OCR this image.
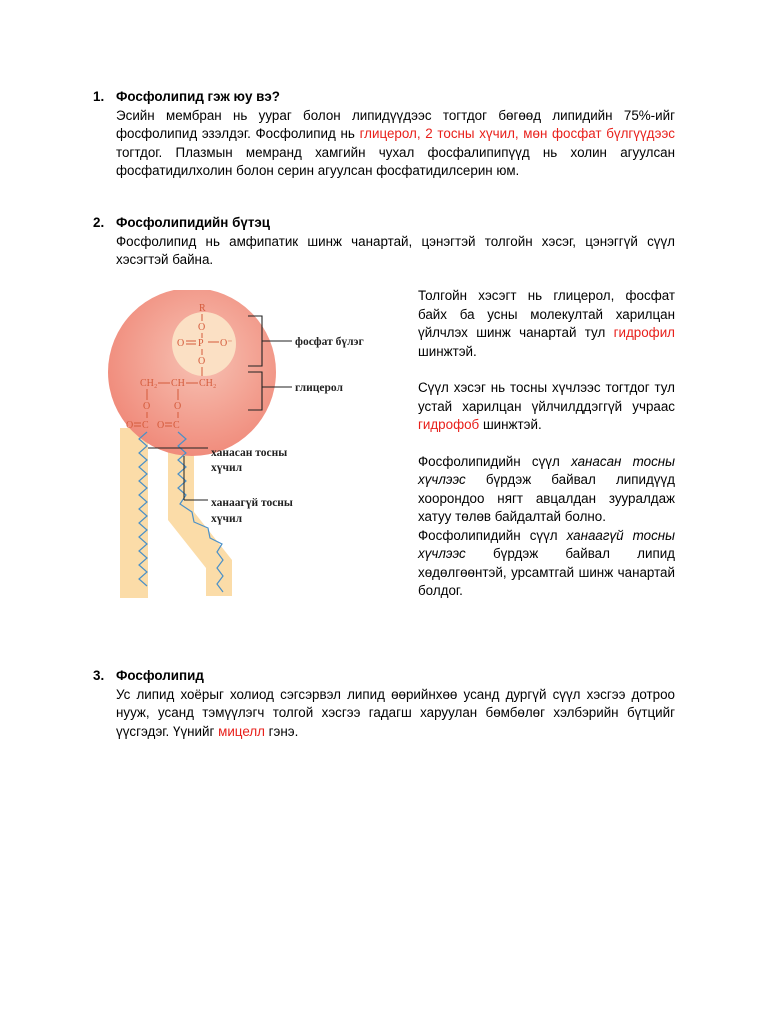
1. Фосфолипид гэж юу вэ?
Эсийн мембран нь уураг болон липидүүдээс тогтдог бөгөөд липидийн 75%-ийг фосфолипид эзэлдэг. Фосфолипид нь глицерол, 2 тосны хүчил, мөн фосфат бүлгүүдээс тогтдог. Плазмын мемранд хамгийн чухал фосфалипипүүд нь холин агуулсан фосфатидилхолин болон серин агуулсан фосфатидилсерин юм.
2. Фосфолипидийн бүтэц
Фосфолипид нь амфипатик шинж чанартай, цэнэгтэй толгойн хэсэг, цэнэггүй сүүл хэсэгтэй байна.
R
O
O P O⁻
O
CH₂ CH CH₂
O O
O C O C
фосфат бүлэг
глицерол
ханасан тосны
хүчил
ханаагүй тосны
хүчил

Толгойн хэсэгт нь глицерол, фосфат байх ба усны молекултай харилцан үйлчлэх шинж чанартай тул гидрофил шинжтэй.

Сүүл хэсэг нь тосны хүчлээс тогтдог тул устай харилцан үйлчилддэггүй учраас гидрофоб шинжтэй.

Фосфолипидийн сүүл ханасан тосны хүчлээс бүрдэж байвал липидүүд хоорондоо нягт авцалдан зууралдаж хатуу төлөв байдалтай болно.

Фосфолипидийн сүүл ханаагүй тосны хүчлээс бүрдэж байвал липид хөдөлгөөнтэй, урсамтгай шинж чанартай болдог.

3. Фосфолипид
Ус липид хоёрыг холиод сэгсэрвэл липид өөрийнхөө усанд дургүй сүүл хэсгээ дотроо нууж, усанд тэмүүлэгч толгой хэсгээ гадагш харуулан бөмбөлөг хэлбэрийн бүтцийг үүсгэдэг. Үүнийг мицелл гэнэ.
